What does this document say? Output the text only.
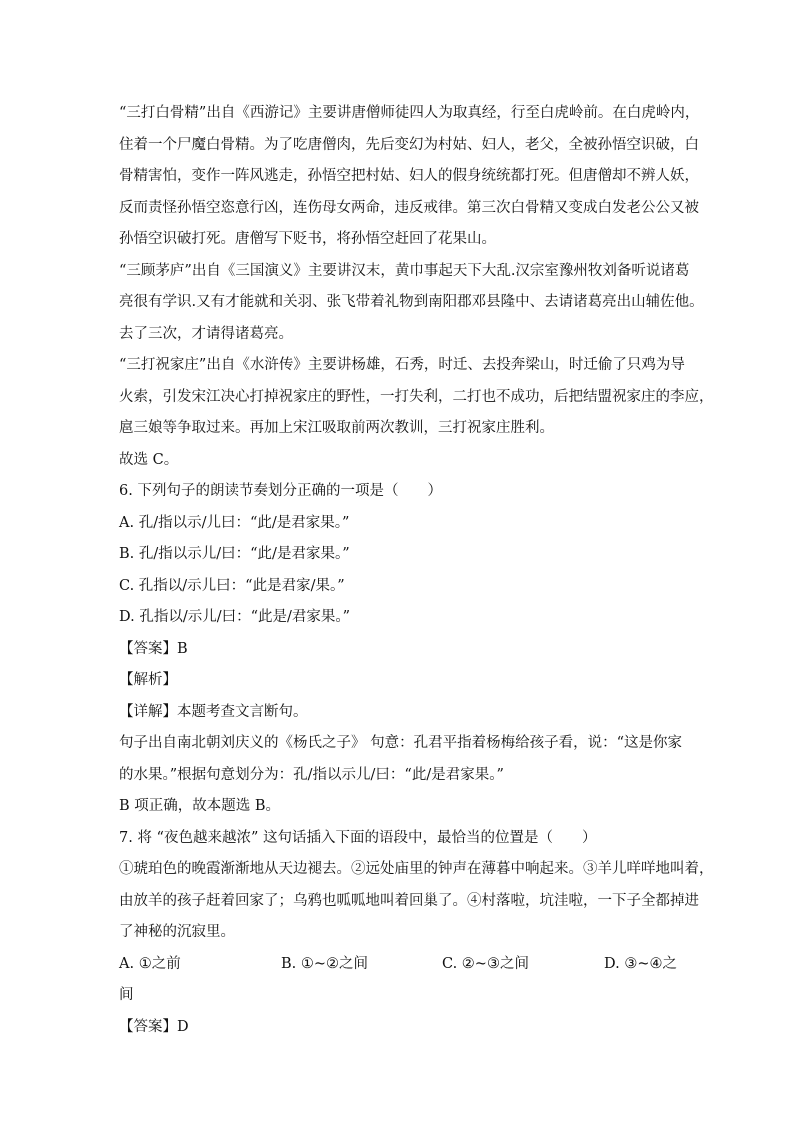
“三打白骨精”出自《西游记》主要讲唐僧师徒四人为取真经，行至白虎岭前。在白虎岭内，
住着一个尸魔白骨精。为了吃唐僧肉，先后变幻为村姑、妇人，老父，全被孙悟空识破，白
骨精害怕，变作一阵风逃走，孙悟空把村姑、妇人的假身统统都打死。但唐僧却不辨人妖，
反而责怪孙悟空恣意行凶，连伤母女两命，违反戒律。第三次白骨精又变成白发老公公又被
孙悟空识破打死。唐僧写下贬书，将孙悟空赶回了花果山。
“三顾茅庐”出自《三国演义》主要讲汉末，黄巾事起天下大乱.汉宗室豫州牧刘备听说诸葛
亮很有学识.又有才能就和关羽、张飞带着礼物到南阳郡邓县隆中、去请诸葛亮出山辅佐他。
去了三次，才请得诸葛亮。
“三打祝家庄”出自《水浒传》主要讲杨雄，石秀，时迁、去投奔梁山，时迁偷了只鸡为导
火索，引发宋江决心打掉祝家庄的野性，一打失利，二打也不成功，后把结盟祝家庄的李应，
扈三娘等争取过来。再加上宋江吸取前两次教训，三打祝家庄胜利。
故选 C。
6. 下列句子的朗读节奏划分正确的一项是（　　）
A. 孔/指以示/儿曰：“此/是君家果。”
B. 孔/指以示儿/曰：“此/是君家果。”
C. 孔指以/示儿曰：“此是君家/果。”
D. 孔指以/示儿/曰：“此是/君家果。”
【答案】B
【解析】
【详解】本题考查文言断句。
句子出自南北朝刘庆义的《杨氏之子》 句意：孔君平指着杨梅给孩子看，说：“这是你家
的水果。”根据句意划分为：孔/指以示儿/曰：“此/是君家果。”
B 项正确，故本题选 B。
7. 将 “夜色越来越浓” 这句话插入下面的语段中，最恰当的位置是（　　）
①琥珀色的晚霞渐渐地从天边褪去。②远处庙里的钟声在薄暮中响起来。③羊儿咩咩地叫着，
由放羊的孩子赶着回家了；乌鸦也呱呱地叫着回巢了。④村落啦，坑洼啦，一下子全都掉进
了神秘的沉寂里。
A. ①之前	B. ①~②之间	C. ②~③之间	D. ③~④之
间
【答案】D
